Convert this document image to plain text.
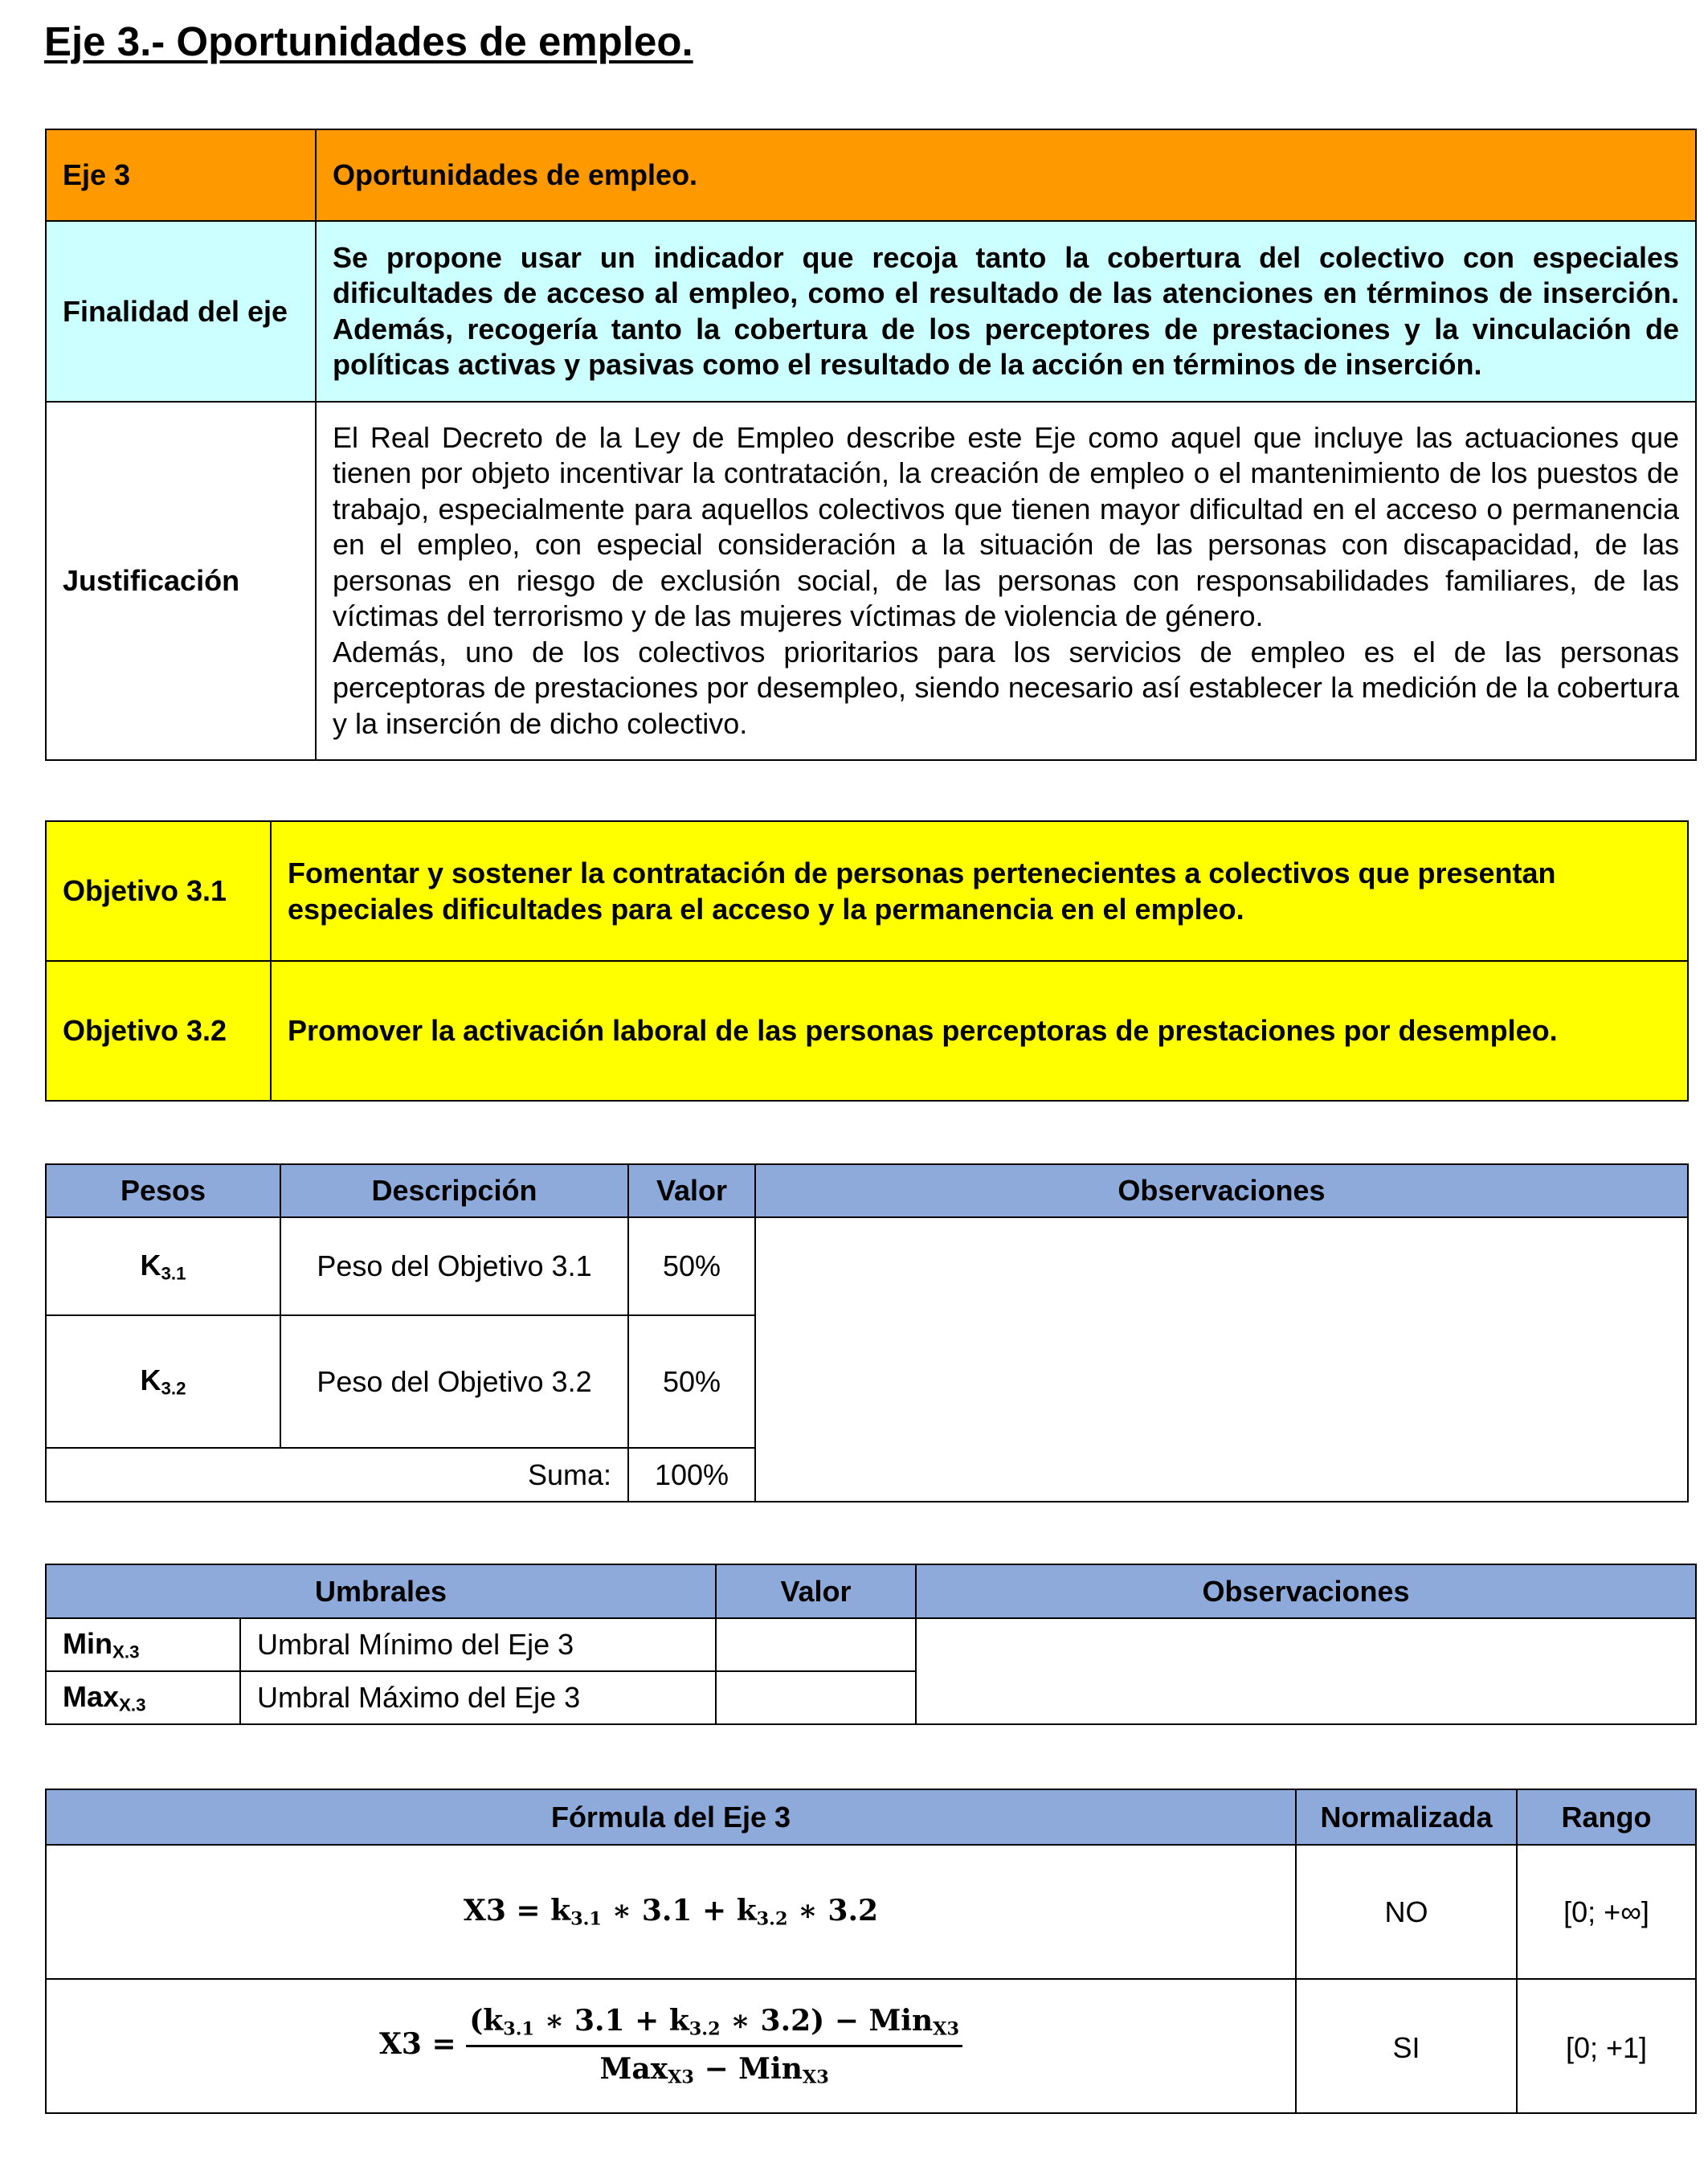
Eje 3.- Oportunidades de empleo.
Eje 3	Oportunidades de empleo.
Finalidad del eje	Se propone usar un indicador que recoja tanto la cobertura del colectivo con especiales dificultades de acceso al empleo, como el resultado de las atenciones en términos de inserción. Además, recogería tanto la cobertura de los perceptores de prestaciones y la vinculación de políticas activas y pasivas como el resultado de la acción en términos de inserción.
Justificación	El Real Decreto de la Ley de Empleo describe este Eje como aquel que incluye las actuaciones que tienen por objeto incentivar la contratación, la creación de empleo o el mantenimiento de los puestos de trabajo, especialmente para aquellos colectivos que tienen mayor dificultad en el acceso o permanencia en el empleo, con especial consideración a la situación de las personas con discapacidad, de las personas en riesgo de exclusión social, de las personas con responsabilidades familiares, de las víctimas del terrorismo y de las mujeres víctimas de violencia de género.
Además, uno de los colectivos prioritarios para los servicios de empleo es el de las personas perceptoras de prestaciones por desempleo, siendo necesario así establecer la medición de la cobertura y la inserción de dicho colectivo.
Objetivo 3.1	Fomentar y sostener la contratación de personas pertenecientes a colectivos que presentan especiales dificultades para el acceso y la permanencia en el empleo.
Objetivo 3.2	Promover la activación laboral de las personas perceptoras de prestaciones por desempleo.
Pesos	Descripción	Valor	Observaciones
$K_{3.1}$	Peso del Objetivo 3.1	50%	
$K_{3.2}$	Peso del Objetivo 3.2	50%	
Suma:		100%	
Umbrales		Valor	Observaciones
Min$_{X.3}$	Umbral Mínimo del Eje 3		
Max$_{X.3}$	Umbral Máximo del Eje 3		
Fórmula del Eje 3	Normalizada	Rango
$X3 = k_{3.1}$ ∗ $3.1 + k_{3.2}$ ∗ 3.2	NO	[0; +∞]
$X3 = \frac{(k_{3.1} ∗ 3.1 + k_{3.2} ∗ 3.2) - Min_{X3}}{Max_{X3} - Min_{X3}}$	SI	[0; +1]
